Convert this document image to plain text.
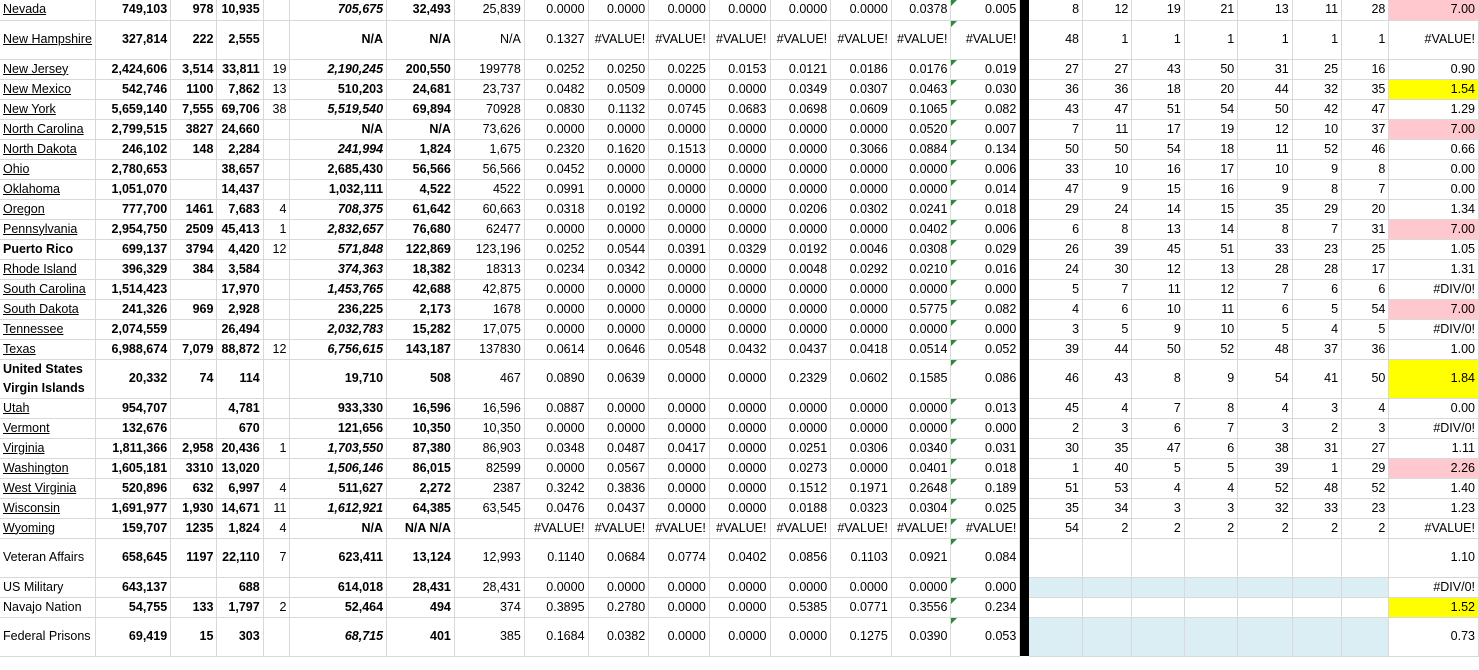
Nevada	749,103	978	10,935		705,675	32,493	25,839	0.0000	0.0000	0.0000	0.0000	0.0000	0.0000	0.0378	0.005		8	12	19	21	13	11	28	7.00
New Hampshire	327,814	222	2,555		N/A	N/A	N/A	0.1327	#VALUE!	#VALUE!	#VALUE!	#VALUE!	#VALUE!	#VALUE!	#VALUE!		48	1	1	1	1	1	1	#VALUE!
New Jersey	2,424,606	3,514	33,811	19	2,190,245	200,550	199778	0.0252	0.0250	0.0225	0.0153	0.0121	0.0186	0.0176	0.019		27	27	43	50	31	25	16	0.90
New Mexico	542,746	1100	7,862	13	510,203	24,681	23,737	0.0482	0.0509	0.0000	0.0000	0.0349	0.0307	0.0463	0.030		36	36	18	20	44	32	35	1.54
New York	5,659,140	7,555	69,706	38	5,519,540	69,894	70928	0.0830	0.1132	0.0745	0.0683	0.0698	0.0609	0.1065	0.082		43	47	51	54	50	42	47	1.29
North Carolina	2,799,515	3827	24,660		N/A	N/A	73,626	0.0000	0.0000	0.0000	0.0000	0.0000	0.0000	0.0520	0.007		7	11	17	19	12	10	37	7.00
North Dakota	246,102	148	2,284		241,994	1,824	1,675	0.2320	0.1620	0.1513	0.0000	0.0000	0.3066	0.0884	0.134		50	50	54	18	11	52	46	0.66
Ohio	2,780,653		38,657		2,685,430	56,566	56,566	0.0452	0.0000	0.0000	0.0000	0.0000	0.0000	0.0000	0.006		33	10	16	17	10	9	8	0.00
Oklahoma	1,051,070		14,437		1,032,111	4,522	4522	0.0991	0.0000	0.0000	0.0000	0.0000	0.0000	0.0000	0.014		47	9	15	16	9	8	7	0.00
Oregon	777,700	1461	7,683	4	708,375	61,642	60,663	0.0318	0.0192	0.0000	0.0000	0.0206	0.0302	0.0241	0.018		29	24	14	15	35	29	20	1.34
Pennsylvania	2,954,750	2509	45,413	1	2,832,657	76,680	62477	0.0000	0.0000	0.0000	0.0000	0.0000	0.0000	0.0402	0.006		6	8	13	14	8	7	31	7.00
Puerto Rico	699,137	3794	4,420	12	571,848	122,869	123,196	0.0252	0.0544	0.0391	0.0329	0.0192	0.0046	0.0308	0.029		26	39	45	51	33	23	25	1.05
Rhode Island	396,329	384	3,584		374,363	18,382	18313	0.0234	0.0342	0.0000	0.0000	0.0048	0.0292	0.0210	0.016		24	30	12	13	28	28	17	1.31
South Carolina	1,514,423		17,970		1,453,765	42,688	42,875	0.0000	0.0000	0.0000	0.0000	0.0000	0.0000	0.0000	0.000		5	7	11	12	7	6	6	#DIV/0!
South Dakota	241,326	969	2,928		236,225	2,173	1678	0.0000	0.0000	0.0000	0.0000	0.0000	0.0000	0.5775	0.082		4	6	10	11	6	5	54	7.00
Tennessee	2,074,559		26,494		2,032,783	15,282	17,075	0.0000	0.0000	0.0000	0.0000	0.0000	0.0000	0.0000	0.000		3	5	9	10	5	4	5	#DIV/0!
Texas	6,988,674	7,079	88,872	12	6,756,615	143,187	137830	0.0614	0.0646	0.0548	0.0432	0.0437	0.0418	0.0514	0.052		39	44	50	52	48	37	36	1.00
United States Virgin Islands	20,332	74	114		19,710	508	467	0.0890	0.0639	0.0000	0.0000	0.2329	0.0602	0.1585	0.086		46	43	8	9	54	41	50	1.84
Utah	954,707		4,781		933,330	16,596	16,596	0.0887	0.0000	0.0000	0.0000	0.0000	0.0000	0.0000	0.013		45	4	7	8	4	3	4	0.00
Vermont	132,676		670		121,656	10,350	10,350	0.0000	0.0000	0.0000	0.0000	0.0000	0.0000	0.0000	0.000		2	3	6	7	3	2	3	#DIV/0!
Virginia	1,811,366	2,958	20,436	1	1,703,550	87,380	86,903	0.0348	0.0487	0.0417	0.0000	0.0251	0.0306	0.0340	0.031		30	35	47	6	38	31	27	1.11
Washington	1,605,181	3310	13,020		1,506,146	86,015	82599	0.0000	0.0567	0.0000	0.0000	0.0273	0.0000	0.0401	0.018		1	40	5	5	39	1	29	2.26
West Virginia	520,896	632	6,997	4	511,627	2,272	2387	0.3242	0.3836	0.0000	0.0000	0.1512	0.1971	0.2648	0.189		51	53	4	4	52	48	52	1.40
Wisconsin	1,691,977	1,930	14,671	11	1,612,921	64,385	63,545	0.0476	0.0437	0.0000	0.0000	0.0188	0.0323	0.0304	0.025		35	34	3	3	32	33	23	1.23
Wyoming	159,707	1235	1,824	4	N/A	N/A N/A		#VALUE!	#VALUE!	#VALUE!	#VALUE!	#VALUE!	#VALUE!	#VALUE!	#VALUE!		54	2	2	2	2	2	2	#VALUE!
Veteran Affairs	658,645	1197	22,110	7	623,411	13,124	12,993	0.1140	0.0684	0.0774	0.0402	0.0856	0.1103	0.0921	0.084									1.10
US Military	643,137		688		614,018	28,431	28,431	0.0000	0.0000	0.0000	0.0000	0.0000	0.0000	0.0000	0.000									#DIV/0!
Navajo Nation	54,755	133	1,797	2	52,464	494	374	0.3895	0.2780	0.0000	0.0000	0.5385	0.0771	0.3556	0.234									1.52
Federal Prisons	69,419	15	303		68,715	401	385	0.1684	0.0382	0.0000	0.0000	0.0000	0.1275	0.0390	0.053									0.73
